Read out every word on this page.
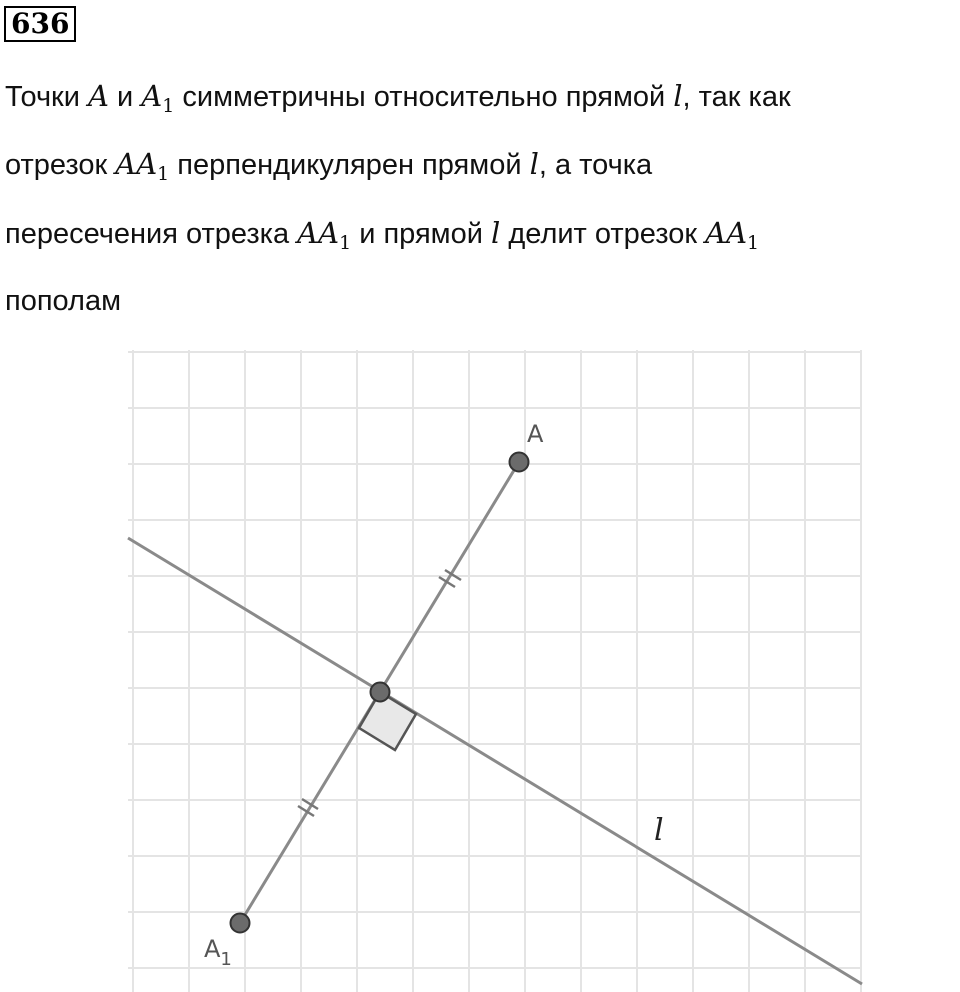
636
Точки A и $A_1$ симметричны относительно прямой l, так как
отрезок $AA_1$ перпендикулярен прямой l, а точка
пересечения отрезка $AA_1$ и прямой l делит отрезок $AA_1$
пополам
A
$A_1$
l
